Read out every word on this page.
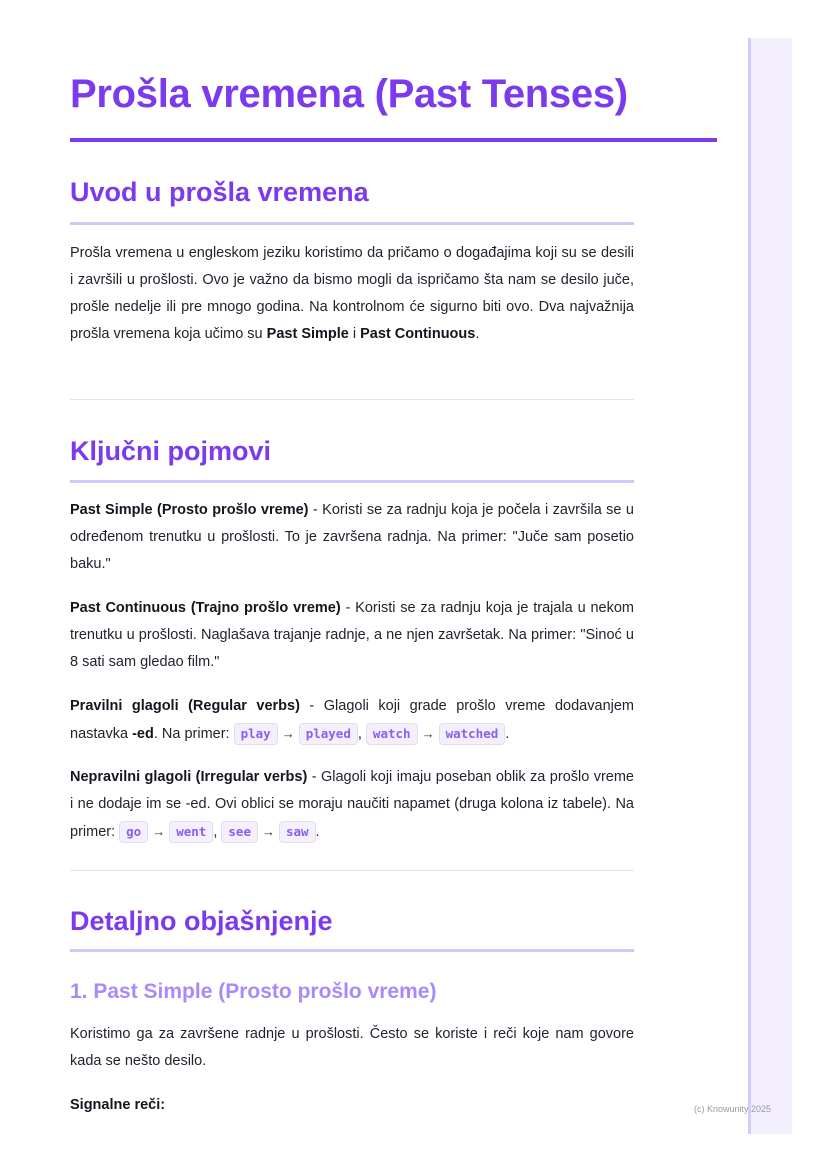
Prošla vremena (Past Tenses)
Uvod u prošla vremena

Prošla vremena u engleskom jeziku koristimo da pričamo o događajima koji su se desili i završili u prošlosti. Ovo je važno da bismo mogli da ispričamo šta nam se desilo juče, prošle nedelje ili pre mnogo godina. Na kontrolnom će sigurno biti ovo. Dva najvažnija prošla vremena koja učimo su Past Simple i Past Continuous.

Ključni pojmovi

Past Simple (Prosto prošlo vreme) - Koristi se za radnju koja je počela i završila se u određenom trenutku u prošlosti. To je završena radnja. Na primer: "Juče sam posetio baku."

Past Continuous (Trajno prošlo vreme) - Koristi se za radnju koja je trajala u nekom trenutku u prošlosti. Naglašava trajanje radnje, a ne njen završetak. Na primer: "Sinoć u 8 sati sam gledao film."

Pravilni glagoli (Regular verbs) - Glagoli koji grade prošlo vreme dodavanjem nastavka -ed. Na primer: play → played , watch → watched .

Nepravilni glagoli (Irregular verbs) - Glagoli koji imaju poseban oblik za prošlo vreme i ne dodaje im se -ed. Ovi oblici se moraju naučiti napamet (druga kolona iz tabele). Na primer: go → went , see → saw .

Detaljno objašnjenje
1. Past Simple (Prosto prošlo vreme)

Koristimo ga za završene radnje u prošlosti. Često se koriste i reči koje nam govore kada se nešto desilo.

Signalne reči:	(c) Knowunity 2025
